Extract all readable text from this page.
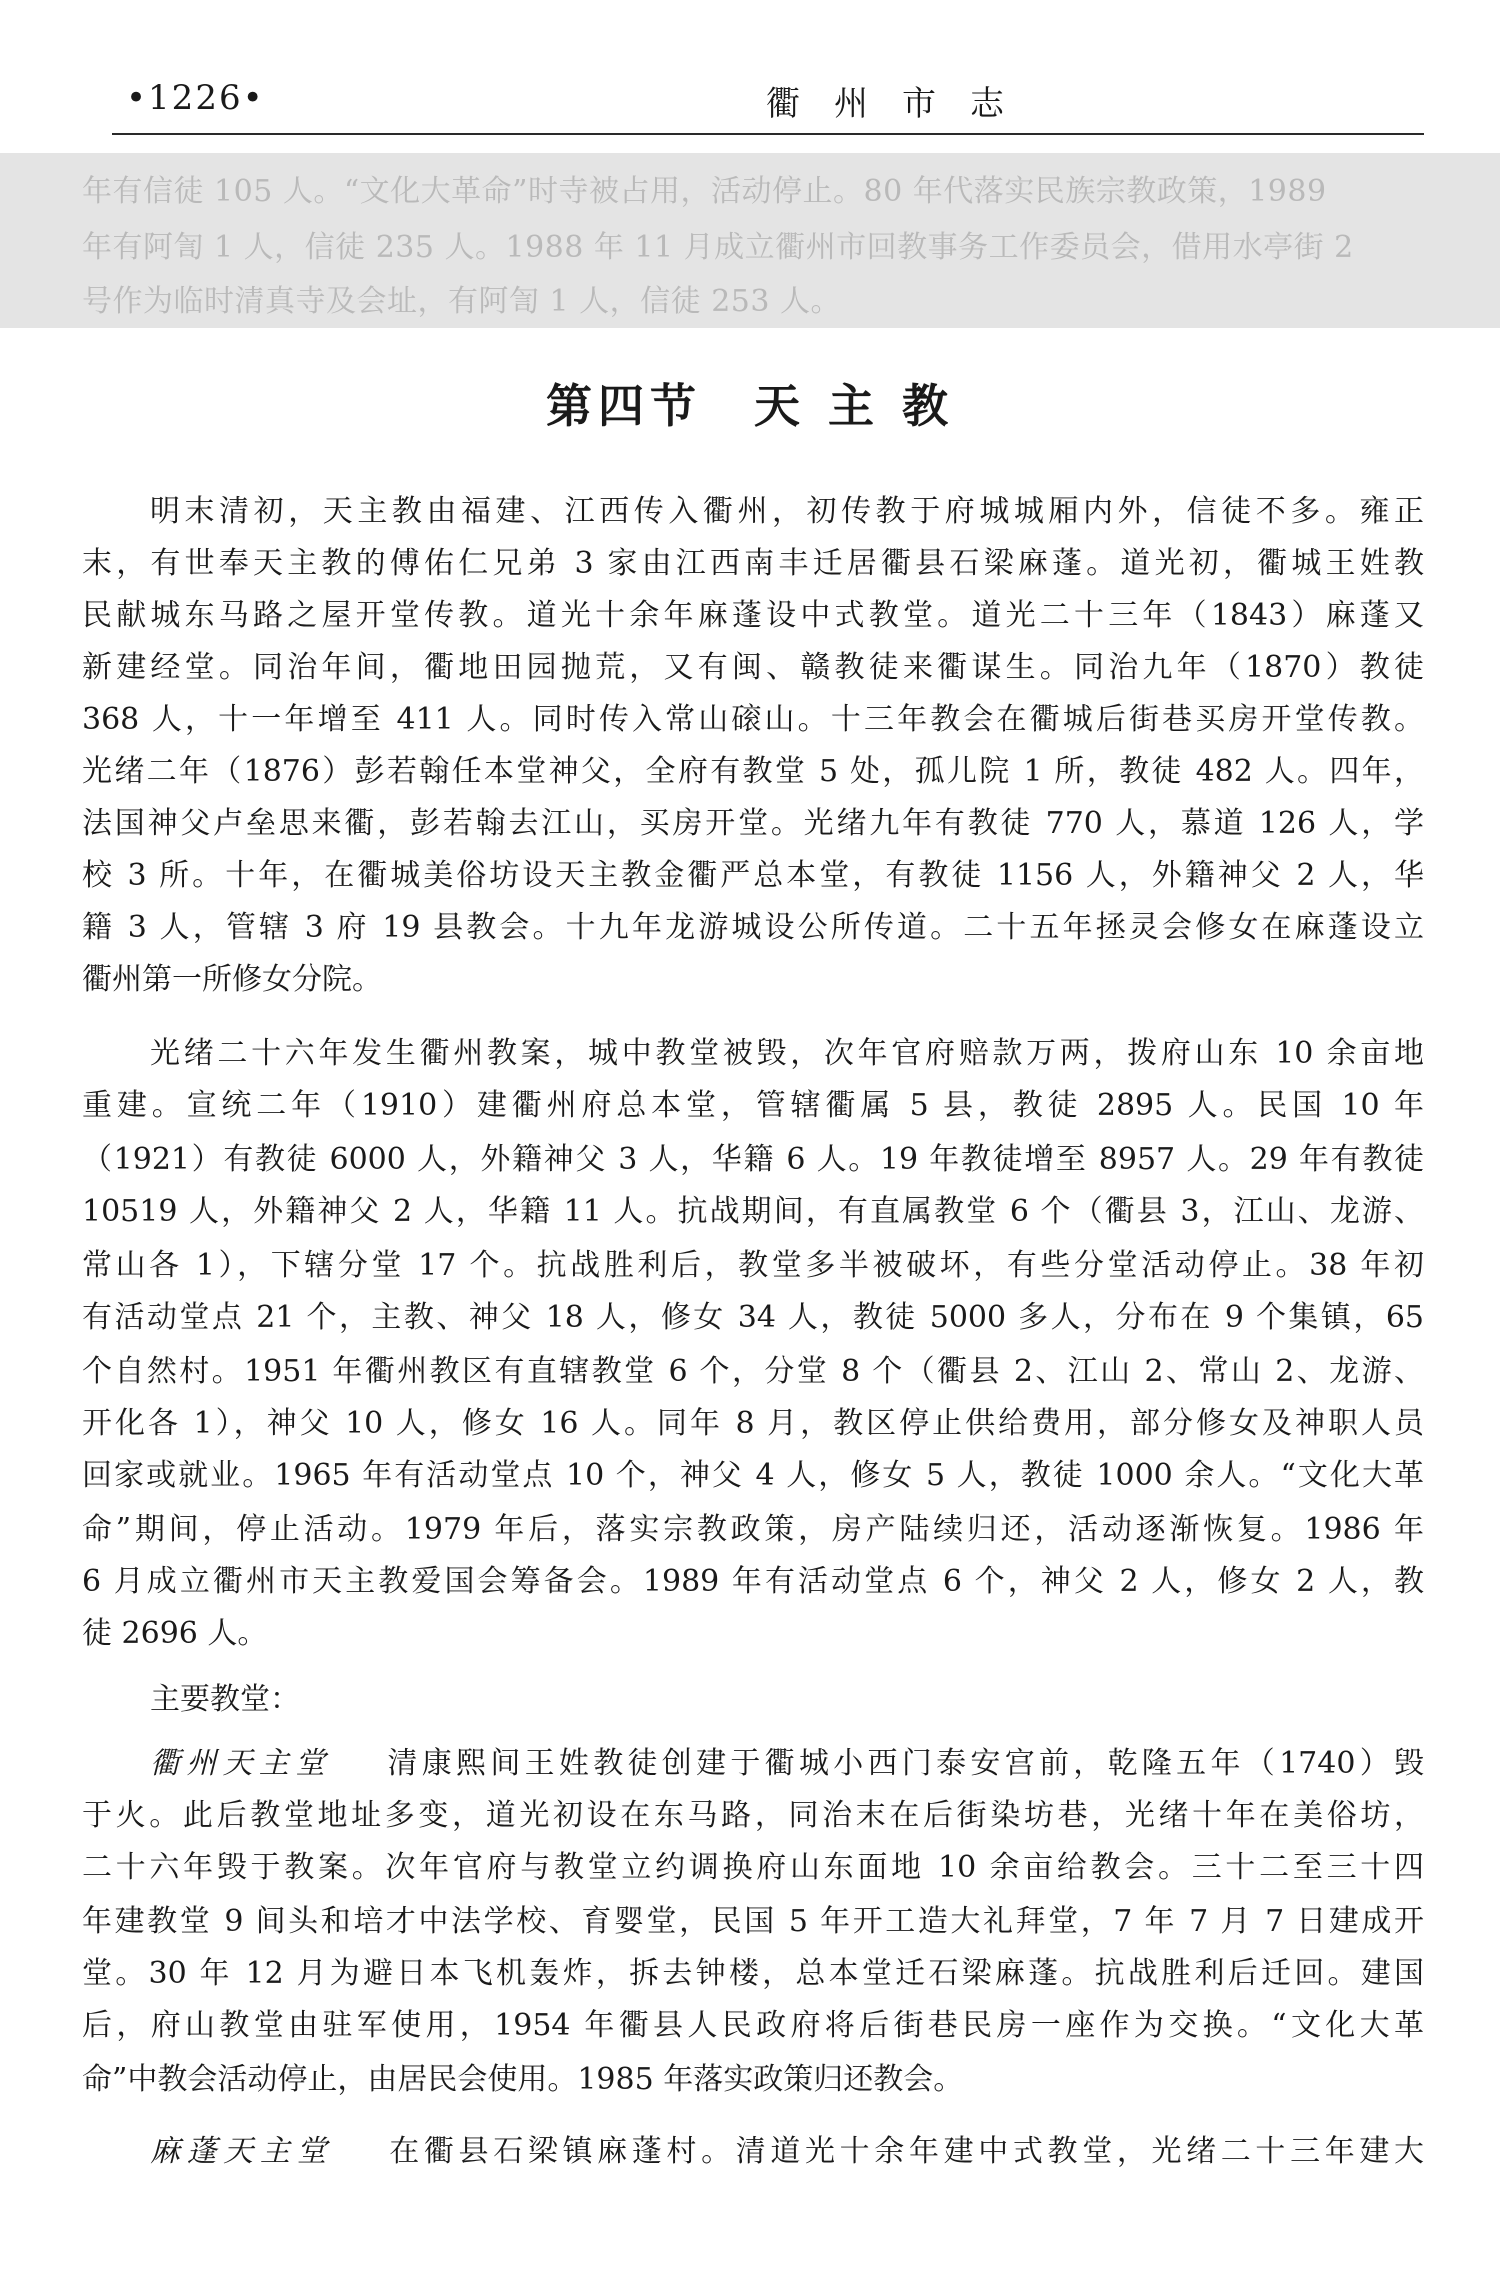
•1226•	衢州市志
年有信徒 105 人。“文化大革命”时寺被占用，活动停止。80 年代落实民族宗教政策，1989
年有阿訇 1 人，信徒 235 人。1988 年 11 月成立衢州市回教事务工作委员会，借用水亭街 2
号作为临时清真寺及会址，有阿訇 1 人，信徒 253 人。
第四节　天 主 教
明末清初，天主教由福建、江西传入衢州，初传教于府城城厢内外，信徒不多。雍正
末，有世奉天主教的傅佑仁兄弟 3 家由江西南丰迁居衢县石梁麻蓬。道光初，衢城王姓教
民献城东马路之屋开堂传教。道光十余年麻蓬设中式教堂。道光二十三年（1843）麻蓬又
新建经堂。同治年间，衢地田园抛荒，又有闽、赣教徒来衢谋生。同治九年（1870）教徒
368 人，十一年增至 411 人。同时传入常山磙山。十三年教会在衢城后街巷买房开堂传教。
光绪二年（1876）彭若翰任本堂神父，全府有教堂 5 处，孤儿院 1 所，教徒 482 人。四年，
法国神父卢垒思来衢，彭若翰去江山，买房开堂。光绪九年有教徒 770 人，慕道 126 人，学
校 3 所。十年，在衢城美俗坊设天主教金衢严总本堂，有教徒 1156 人，外籍神父 2 人，华
籍 3 人，管辖 3 府 19 县教会。十九年龙游城设公所传道。二十五年拯灵会修女在麻蓬设立
衢州第一所修女分院。
光绪二十六年发生衢州教案，城中教堂被毁，次年官府赔款万两，拨府山东 10 余亩地
重建。宣统二年（1910）建衢州府总本堂，管辖衢属 5 县，教徒 2895 人。民国 10 年
（1921）有教徒 6000 人，外籍神父 3 人，华籍 6 人。19 年教徒增至 8957 人。29 年有教徒
10519 人，外籍神父 2 人，华籍 11 人。抗战期间，有直属教堂 6 个（衢县 3，江山、龙游、
常山各 1），下辖分堂 17 个。抗战胜利后，教堂多半被破坏，有些分堂活动停止。38 年初
有活动堂点 21 个，主教、神父 18 人，修女 34 人，教徒 5000 多人，分布在 9 个集镇，65
个自然村。1951 年衢州教区有直辖教堂 6 个，分堂 8 个（衢县 2、江山 2、常山 2、龙游、
开化各 1），神父 10 人，修女 16 人。同年 8 月，教区停止供给费用，部分修女及神职人员
回家或就业。1965 年有活动堂点 10 个，神父 4 人，修女 5 人，教徒 1000 余人。“文化大革
命”期间，停止活动。1979 年后，落实宗教政策，房产陆续归还，活动逐渐恢复。1986 年
6 月成立衢州市天主教爱国会筹备会。1989 年有活动堂点 6 个，神父 2 人，修女 2 人，教
徒 2696 人。
主要教堂：
衢州天主堂 清康熙间王姓教徒创建于衢城小西门泰安宫前，乾隆五年（1740）毁
于火。此后教堂地址多变，道光初设在东马路，同治末在后街染坊巷，光绪十年在美俗坊，
二十六年毁于教案。次年官府与教堂立约调换府山东面地 10 余亩给教会。三十二至三十四
年建教堂 9 间头和培才中法学校、育婴堂，民国 5 年开工造大礼拜堂，7 年 7 月 7 日建成开
堂。30 年 12 月为避日本飞机轰炸，拆去钟楼，总本堂迁石梁麻蓬。抗战胜利后迁回。建国
后，府山教堂由驻军使用，1954 年衢县人民政府将后街巷民房一座作为交换。“文化大革
命”中教会活动停止，由居民会使用。1985 年落实政策归还教会。
麻蓬天主堂 在衢县石梁镇麻蓬村。清道光十余年建中式教堂，光绪二十三年建大
